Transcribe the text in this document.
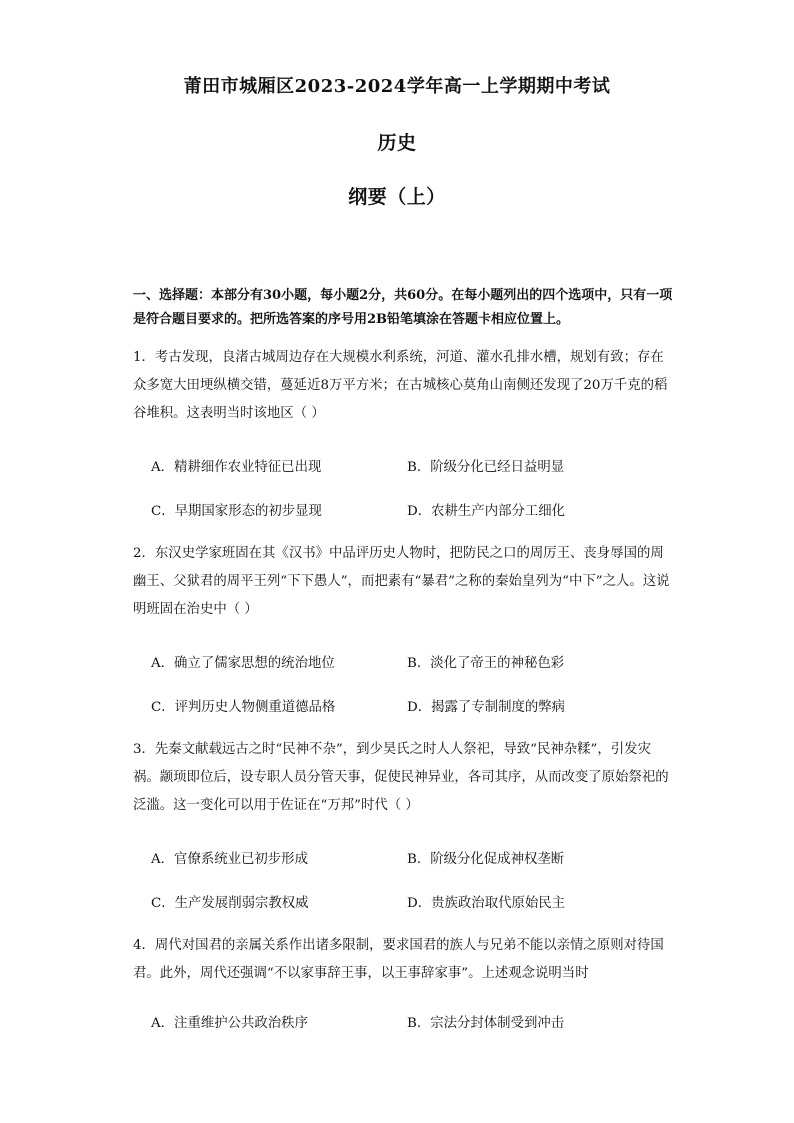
莆田市城厢区2023-2024学年高一上学期期中考试
历史
纲要（上）
一、选择题：本部分有30小题，每小题2分，共60分。在每小题列出的四个选项中，只有一项是符合题目要求的。把所选答案的序号用2B铅笔填涂在答题卡相应位置上。
1．考古发现，良渚古城周边存在大规模水利系统，河道、灌水孔排水槽，规划有致；存在众多宽大田埂纵横交错，蔓延近8万平方米；在古城核心莫角山南侧还发现了20万千克的稻谷堆积。这表明当时该地区（ ）
A．精耕细作农业特征已出现	B．阶级分化已经日益明显
C．早期国家形态的初步显现	D．农耕生产内部分工细化
2．东汉史学家班固在其《汉书》中品评历史人物时，把防民之口的周厉王、丧身辱国的周幽王、父狱君的周平王列“下下愚人”，而把素有“暴君”之称的秦始皇列为“中下”之人。这说明班固在治史中（ ）
A．确立了儒家思想的统治地位	B．淡化了帝王的神秘色彩
C．评判历史人物侧重道德品格	D．揭露了专制制度的弊病
3．先秦文献载远古之时“民神不杂”，到少昊氏之时人人祭祀，导致“民神杂糅”，引发灾祸。颛顼即位后，设专职人员分管天事，促使民神异业，各司其序，从而改变了原始祭祀的泛滥。这一变化可以用于佐证在“万邦”时代（ ）
A．官僚系统业已初步形成	B．阶级分化促成神权垄断
C．生产发展削弱宗教权威	D．贵族政治取代原始民主
4．周代对国君的亲属关系作出诸多限制，要求国君的族人与兄弟不能以亲情之原则对待国君。此外，周代还强调“不以家事辞王事，以王事辞家事”。上述观念说明当时
A．注重维护公共政治秩序	B．宗法分封体制受到冲击
